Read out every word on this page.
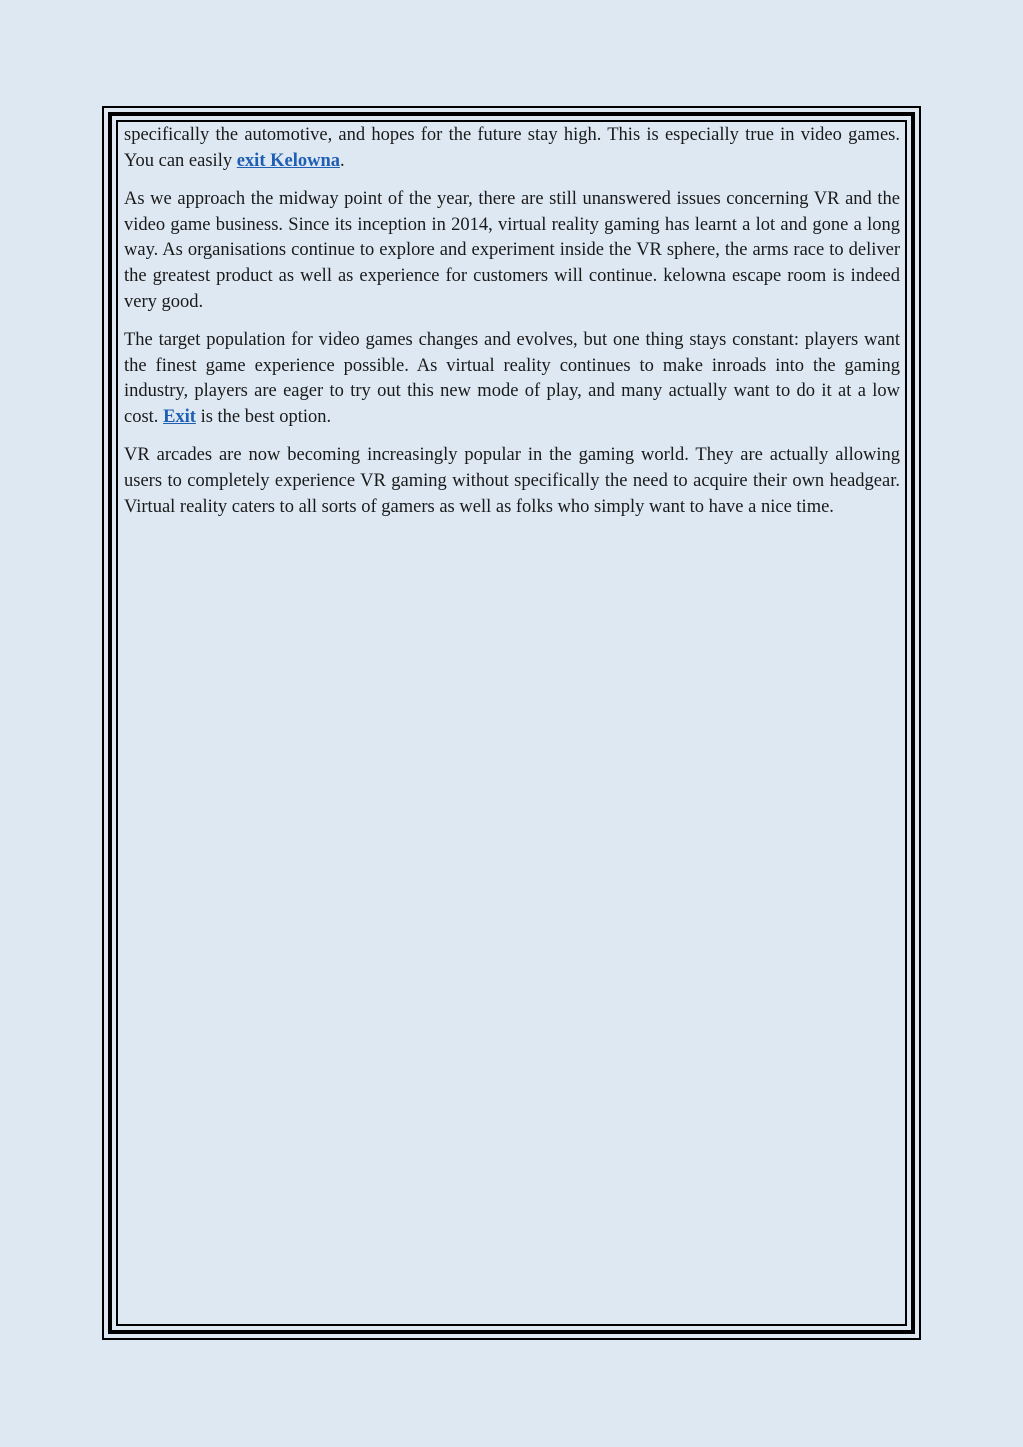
specifically the automotive, and hopes for the future stay high. This is especially true in video games. You can easily exit Kelowna.

As we approach the midway point of the year, there are still unanswered issues concerning VR and the video game business. Since its inception in 2014, virtual reality gaming has learnt a lot and gone a long way. As organisations continue to explore and experiment inside the VR sphere, the arms race to deliver the greatest product as well as experience for customers will continue. kelowna escape room is indeed very good.

The target population for video games changes and evolves, but one thing stays constant: players want the finest game experience possible. As virtual reality continues to make inroads into the gaming industry, players are eager to try out this new mode of play, and many actually want to do it at a low cost. Exit is the best option.

VR arcades are now becoming increasingly popular in the gaming world. They are actually allowing users to completely experience VR gaming without specifically the need to acquire their own headgear. Virtual reality caters to all sorts of gamers as well as folks who simply want to have a nice time.
